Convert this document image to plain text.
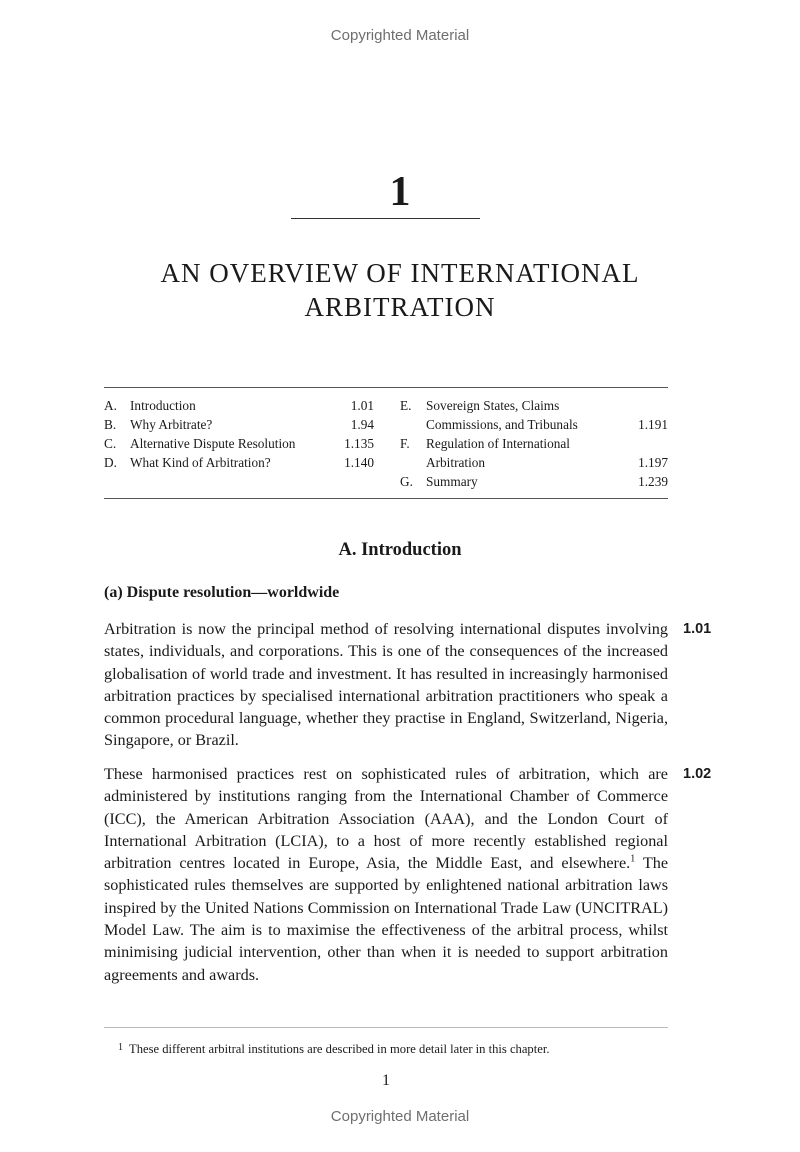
Copyrighted Material
1
AN OVERVIEW OF INTERNATIONAL
ARBITRATION
A. Introduction	1.01
B.	Why Arbitrate?	1.94
C.	Alternative Dispute Resolution	1.135
D. What Kind of Arbitration?	1.140
E.	Sovereign States, Claims Commissions, and Tribunals	1.191
F.	Regulation of International Arbitration	1.197
G. Summary	1.239
A. Introduction
(a) Dispute resolution—worldwide
Arbitration is now the principal method of resolving international disputes involving states, individuals, and corporations. This is one of the consequences of the increased globalisation of world trade and investment. It has resulted in increasingly harmonised arbitration practices by specialised international arbitration practitioners who speak a common procedural language, whether they practise in England, Switzerland, Nigeria, Singapore, or Brazil.
1.01
These harmonised practices rest on sophisticated rules of arbitration, which are administered by institutions ranging from the International Chamber of Commerce (ICC), the American Arbitration Association (AAA), and the London Court of International Arbitration (LCIA), to a host of more recently established regional arbitration centres located in Europe, Asia, the Middle East, and elsewhere.$^1$ The sophisticated rules themselves are supported by enlightened national arbitration laws inspired by the United Nations Commission on International Trade Law (UNCITRAL) Model Law. The aim is to maximise the effectiveness of the arbitral process, whilst minimising judicial intervention, other than when it is needed to support arbitration agreements and awards.
1.02
$^1$ These different arbitral institutions are described in more detail later in this chapter.
1
Copyrighted Material
